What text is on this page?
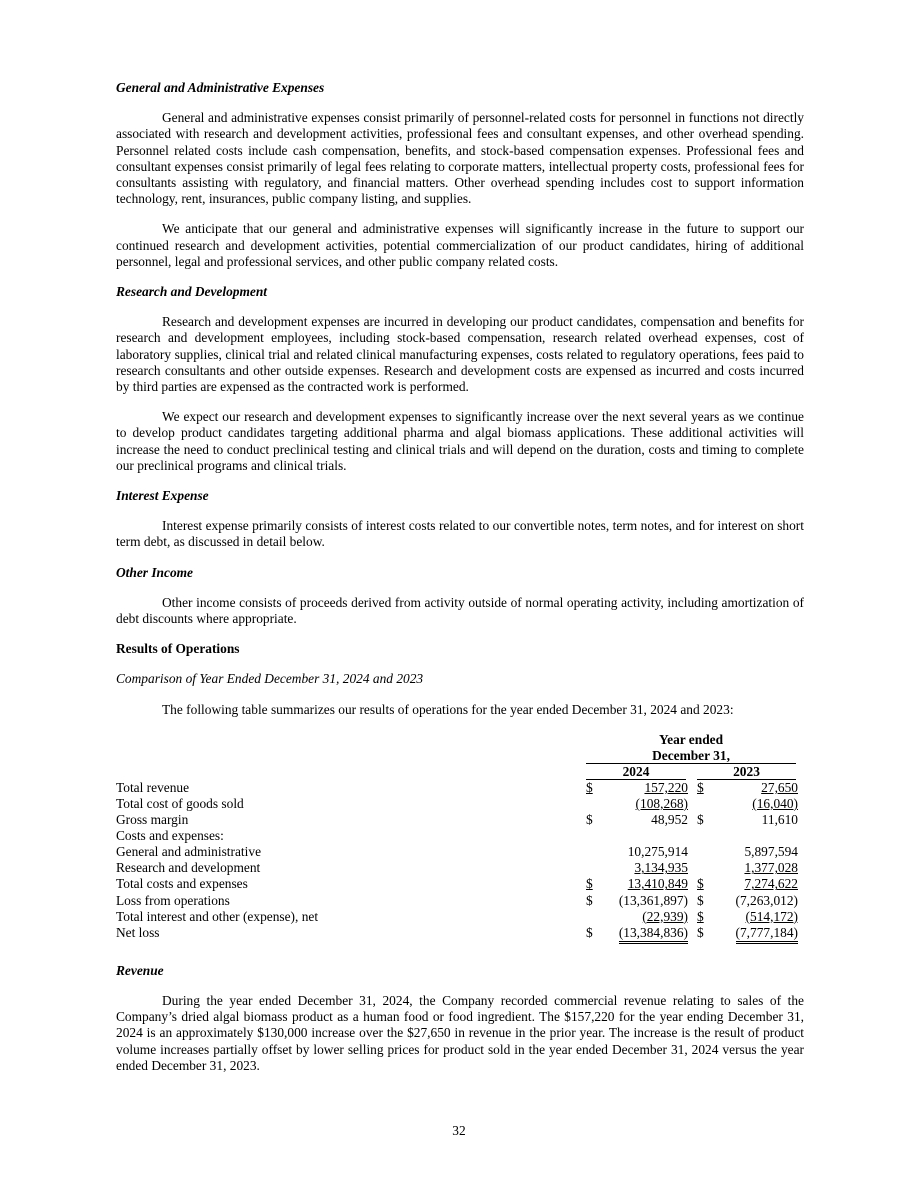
General and Administrative Expenses

General and administrative expenses consist primarily of personnel-related costs for personnel in functions not directly associated with research and development activities, professional fees and consultant expenses, and other overhead spending. Personnel related costs include cash compensation, benefits, and stock-based compensation expenses. Professional fees and consultant expenses consist primarily of legal fees relating to corporate matters, intellectual property costs, professional fees for consultants assisting with regulatory, and financial matters. Other overhead spending includes cost to support information technology, rent, insurances, public company listing, and supplies.

We anticipate that our general and administrative expenses will significantly increase in the future to support our continued research and development activities, potential commercialization of our product candidates, hiring of additional personnel, legal and professional services, and other public company related costs.

Research and Development

Research and development expenses are incurred in developing our product candidates, compensation and benefits for research and development employees, including stock-based compensation, research related overhead expenses, cost of laboratory supplies, clinical trial and related clinical manufacturing expenses, costs related to regulatory operations, fees paid to research consultants and other outside expenses. Research and development costs are expensed as incurred and costs incurred by third parties are expensed as the contracted work is performed.

We expect our research and development expenses to significantly increase over the next several years as we continue to develop product candidates targeting additional pharma and algal biomass applications. These additional activities will increase the need to conduct preclinical testing and clinical trials and will depend on the duration, costs and timing to complete our preclinical programs and clinical trials.

Interest Expense

Interest expense primarily consists of interest costs related to our convertible notes, term notes, and for interest on short term debt, as discussed in detail below.

Other Income

Other income consists of proceeds derived from activity outside of normal operating activity, including amortization of debt discounts where appropriate.

Results of Operations
Comparison of Year Ended December 31, 2024 and 2023

The following table summarizes our results of operations for the year ended December 31, 2024 and 2023:

Year ended
December 31,
2024	2023
Total revenue	$	157,220 $	27,650
Total cost of goods sold	(108,268)	(16,040)
Gross margin	$	48,952 $	11,610
Costs and expenses:
General and administrative	10,275,914	5,897,594
Research and development	3,134,935	1,377,028
Total costs and expenses	$	13,410,849 $	7,274,622
Loss from operations	$ (13,361,897) $ (7,263,012)
Total interest and other (expense), net	(22,939) $	(514,172)
Net loss	$ (13,384,836) $ (7,777,184)
Revenue

During the year ended December 31, 2024, the Company recorded commercial revenue relating to sales of the Company’s dried algal biomass product as a human food or food ingredient. The $157,220 for the year ending December 31, 2024 is an approximately $130,000 increase over the $27,650 in revenue in the prior year. The increase is the result of product volume increases partially offset by lower selling prices for product sold in the year ended December 31, 2024 versus the year ended December 31, 2023.

32
